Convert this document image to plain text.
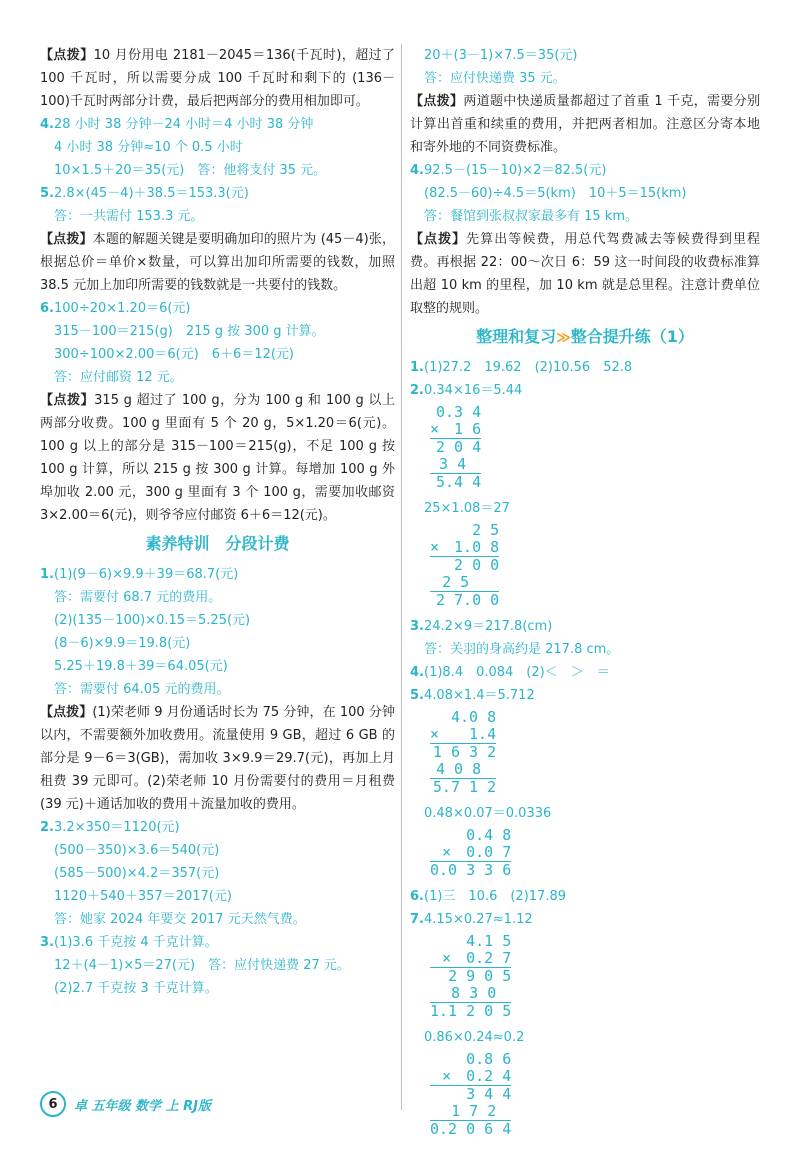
【点拨】10 月份用电 2181－2045＝136(千瓦时)，超过了 100 千瓦时，所以需要分成 100 千瓦时和剩下的 (136－100)千瓦时两部分计费，最后把两部分的费用相加即可。
4.28 小时 38 分钟－24 小时＝4 小时 38 分钟
4 小时 38 分钟≈10 个 0.5 小时
10×1.5＋20＝35(元)　答：他将支付 35 元。
5.2.8×(45－4)＋38.5＝153.3(元)
答：一共需付 153.3 元。
【点拨】本题的解题关键是要明确加印的照片为 (45－4)张，根据总价＝单价×数量，可以算出加印所需要的钱数，加照 38.5 元加上加印所需要的钱数就是一共要付的钱数。
6.100÷20×1.20＝6(元)
315－100＝215(g)　215 g 按 300 g 计算。
300÷100×2.00＝6(元)　6＋6＝12(元)
答：应付邮资 12 元。
【点拨】315 g 超过了 100 g，分为 100 g 和 100 g 以上两部分收费。100 g 里面有 5 个 20 g，5×1.20＝6(元)。100 g 以上的部分是 315－100＝215(g)，不足 100 g 按 100 g 计算，所以 215 g 按 300 g 计算。每增加 100 g 外埠加收 2.00 元，300 g 里面有 3 个 100 g，需要加收邮资 3×2.00＝6(元)，则爷爷应付邮资 6＋6＝12(元)。
素养特训　分段计费
1.(1)(9－6)×9.9＋39＝68.7(元)
答：需要付 68.7 元的费用。
(2)(135－100)×0.15＝5.25(元)
(8－6)×9.9＝19.8(元)
5.25＋19.8＋39＝64.05(元)
答：需要付 64.05 元的费用。
【点拨】(1)荣老师 9 月份通话时长为 75 分钟，在 100 分钟以内，不需要额外加收费用。流量使用 9 GB，超过 6 GB 的部分是 9－6＝3(GB)，需加收 3×9.9＝29.7(元)，再加上月租费 39 元即可。(2)荣老师 10 月份需要付的费用＝月租费(39 元)＋通话加收的费用＋流量加收的费用。
2.3.2×350＝1120(元)
(500－350)×3.6＝540(元)
(585－500)×4.2＝357(元)
1120＋540＋357＝2017(元)
答：她家 2024 年要交 2017 元天然气费。
3.(1)3.6 千克按 4 千克计算。
12＋(4－1)×5＝27(元)　答：应付快递费 27 元。
(2)2.7 千克按 3 千克计算。
20＋(3－1)×7.5＝35(元)
答：应付快递费 35 元。
【点拨】两道题中快递质量都超过了首重 1 千克，需要分别计算出首重和续重的费用，并把两者相加。注意区分寄本地和寄外地的不同资费标准。
4.92.5－(15－10)×2＝82.5(元)
(82.5－60)÷4.5＝5(km)　10＋5＝15(km)
答：餐馆到张叔叔家最多有 15 km。
【点拨】先算出等候费，用总代驾费减去等候费得到里程费。再根据 22：00～次日 6：59 这一时间段的收费标准算出超 10 km 的里程，加 10 km 就是总里程。注意计费单位取整的规则。
整理和复习≫整合提升练（1）
1.(1)27.2　19.62　(2)10.56　52.8
2.0.34×16＝5.44
0.3 4
×　1 6
2 0 4
3 4　
5.4 4
25×1.08＝27
2 5
×　1.0 8
2 0 0
2 5　　
2 7.0 0
3.24.2×9＝217.8(cm)
答：关羽的身高约是 217.8 cm。
4.(1)8.4　0.084　(2)＜　＞　＝
5.4.08×1.4＝5.712
4.0 8
×　　1.4
1 6 3 2
4 0 8　
5.7 1 2
0.48×0.07＝0.0336
0.4 8
×　0.0 7
0.0 3 3 6
6.(1)三　10.6　(2)17.89
7.4.15×0.27≈1.12
4.1 5
×　0.2 7
2 9 0 5
8 3 0　
1.1 2 0 5
0.86×0.24≈0.2
0.8 6
×　0.2 4
3 4 4
1 7 2　
0.2 0 6 4
6	卓 五年级 数学 上 RJ版
